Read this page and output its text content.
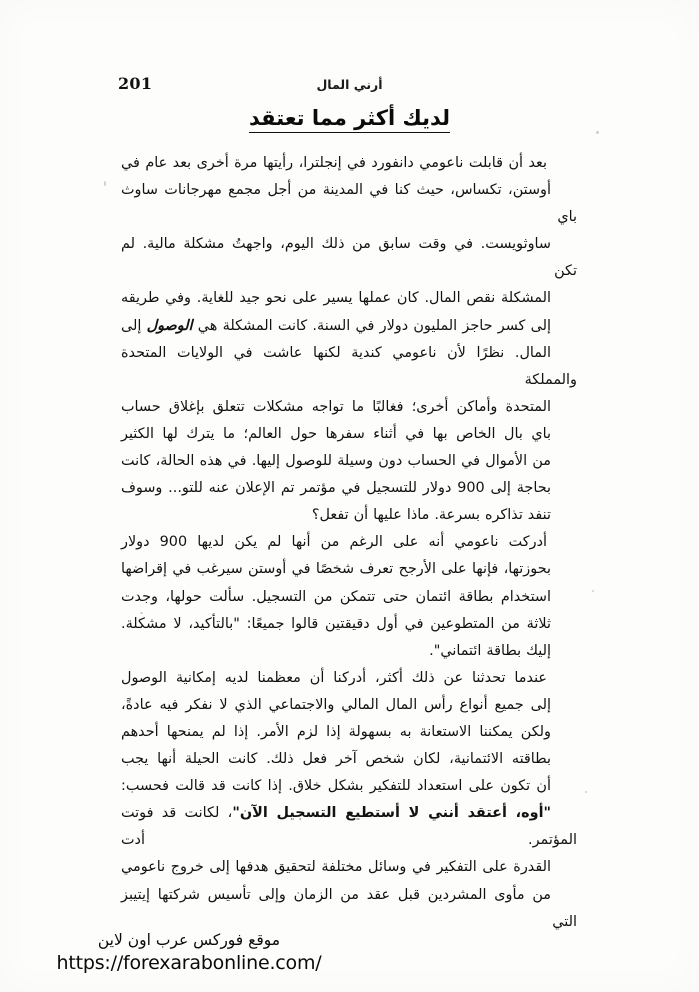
201	أرني المال
لديك أكثر مما تعتقد

بعد أن قابلت ناعومي دانفورد في إنجلترا، رأيتها مرة أخرى بعد عام في
أوستن، تكساس، حيث كنا في المدينة من أجل مجمع مهرجانات ساوث باي
ساوثويست. في وقت سابق من ذلك اليوم، واجهتُ مشكلة مالية. لم تكن
المشكلة نقص المال. كان عملها يسير على نحو جيد للغاية. وفي طريقه
إلى كسر حاجز المليون دولار في السنة. كانت المشكلة هي الوصول إلى
المال. نظرًا لأن ناعومي كندية لكنها عاشت في الولايات المتحدة والمملكة
المتحدة وأماكن أخرى؛ فغالبًا ما تواجه مشكلات تتعلق بإغلاق حساب
باي بال الخاص بها في أثناء سفرها حول العالم؛ ما يترك لها الكثير
من الأموال في الحساب دون وسيلة للوصول إليها. في هذه الحالة، كانت
بحاجة إلى 900 دولار للتسجيل في مؤتمر تم الإعلان عنه للتو... وسوف
تنفد تذاكره بسرعة. ماذا عليها أن تفعل؟

أدركت ناعومي أنه على الرغم من أنها لم يكن لديها 900 دولار
بحوزتها، فإنها على الأرجح تعرف شخصًا في أوستن سيرغب في إقراضها
استخدام بطاقة ائتمان حتى تتمكن من التسجيل. سألت حولها، وجدت
ثلاثة من المتطوعين في أول دقيقتين قالوا جميعًا: "بالتأكيد، لا مشكلة.
إليك بطاقة ائتماني".

عندما تحدثنا عن ذلك أكثر، أدركنا أن معظمنا لديه إمكانية الوصول
إلى جميع أنواع رأس المال المالي والاجتماعي الذي لا نفكر فيه عادةً،
ولكن يمكننا الاستعانة به بسهولة إذا لزم الأمر. إذا لم يمنحها أحدهم
بطاقته الائتمانية، لكان شخص آخر فعل ذلك. كانت الحيلة أنها يجب
أن تكون على استعداد للتفكير بشكل خلاق. إذا كانت قد قالت فحسب:
"أوه، أعتقد أنني لا أستطيع التسجيل الآن"، لكانت قد فوتت المؤتمر. أدت
القدرة على التفكير في وسائل مختلفة لتحقيق هدفها إلى خروج ناعومي
من مأوى المشردين قبل عقد من الزمان وإلى تأسيس شركتها إيتيبز التي

موقع فوركس عرب اون لاين
https://forexarabonline.com/
